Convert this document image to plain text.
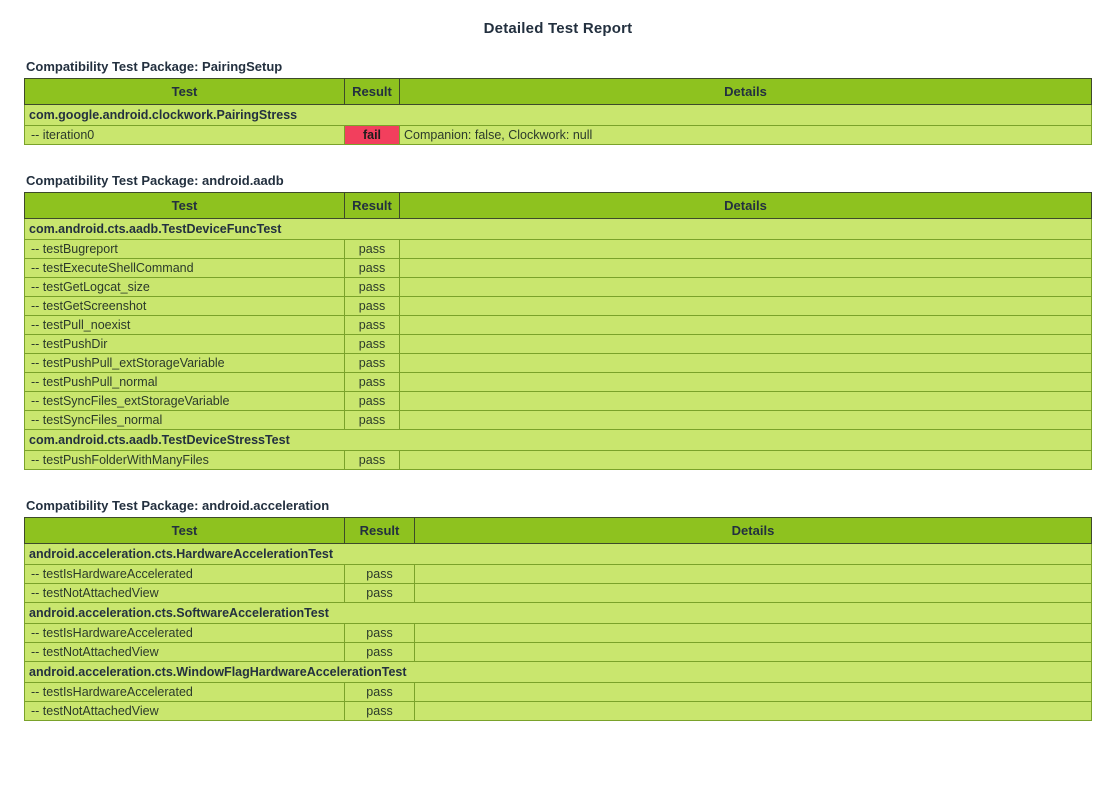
Detailed Test Report
Compatibility Test Package: PairingSetup
Test	Result	Details
com.google.android.clockwork.PairingStress		
-- iteration0	fail	Companion: false, Clockwork: null
Compatibility Test Package: android.aadb
Test	Result	Details
com.android.cts.aadb.TestDeviceFuncTest		
-- testBugreport	pass	
-- testExecuteShellCommand	pass	
-- testGetLogcat_size	pass	
-- testGetScreenshot	pass	
-- testPull_noexist	pass	
-- testPushDir	pass	
-- testPushPull_extStorageVariable	pass	
-- testPushPull_normal	pass	
-- testSyncFiles_extStorageVariable	pass	
-- testSyncFiles_normal	pass	
com.android.cts.aadb.TestDeviceStressTest		
-- testPushFolderWithManyFiles	pass	
Compatibility Test Package: android.acceleration
Test	Result	Details
android.acceleration.cts.HardwareAccelerationTest		
-- testIsHardwareAccelerated	pass	
-- testNotAttachedView	pass	
android.acceleration.cts.SoftwareAccelerationTest		
-- testIsHardwareAccelerated	pass	
-- testNotAttachedView	pass	
android.acceleration.cts.WindowFlagHardwareAccelerationTest		
-- testIsHardwareAccelerated	pass	
-- testNotAttachedView	pass	
